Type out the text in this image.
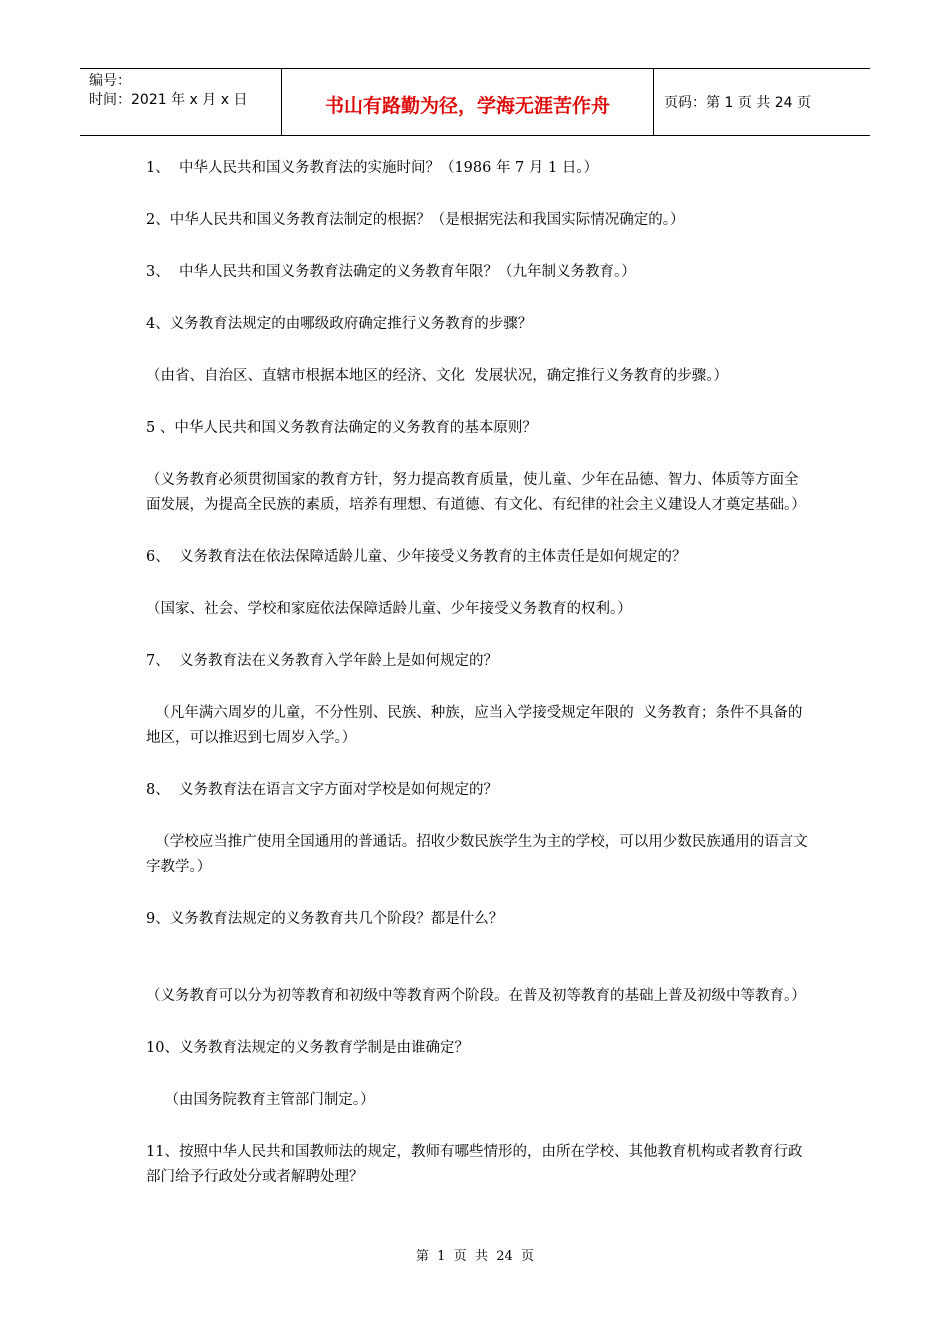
编号：
时间：2021 年 x 月 x 日	书山有路勤为径，学海无涯苦作舟	页码：第 1 页 共 24 页

1、  中华人民共和国义务教育法的实施时间？（1986 年 7 月 1 日。）

2、中华人民共和国义务教育法制定的根据？（是根据宪法和我国实际情况确定的。）

3、  中华人民共和国义务教育法确定的义务教育年限？（九年制义务教育。）

4、义务教育法规定的由哪级政府确定推行义务教育的步骤？

（由省、自治区、直辖市根据本地区的经济、文化  发展状况，确定推行义务教育的步骤。）

5 、中华人民共和国义务教育法确定的义务教育的基本原则？

（义务教育必须贯彻国家的教育方针，努力提高教育质量，使儿童、少年在品德、智力、体质等方面全面发展，为提高全民族的素质，培养有理想、有道德、有文化、有纪律的社会主义建设人才奠定基础。）

6、  义务教育法在依法保障适龄儿童、少年接受义务教育的主体责任是如何规定的？

（国家、社会、学校和家庭依法保障适龄儿童、少年接受义务教育的权利。）

7、  义务教育法在义务教育入学年龄上是如何规定的？

（凡年满六周岁的儿童，不分性别、民族、种族，应当入学接受规定年限的  义务教育；条件不具备的地区，可以推迟到七周岁入学。）

8、  义务教育法在语言文字方面对学校是如何规定的？

（学校应当推广使用全国通用的普通话。招收少数民族学生为主的学校，可以用少数民族通用的语言文字教学。）

9、义务教育法规定的义务教育共几个阶段？都是什么？

（义务教育可以分为初等教育和初级中等教育两个阶段。在普及初等教育的基础上普及初级中等教育。）

10、义务教育法规定的义务教育学制是由谁确定？

（由国务院教育主管部门制定。）

11、按照中华人民共和国教师法的规定，教师有哪些情形的，由所在学校、其他教育机构或者教育行政部门给予行政处分或者解聘处理？

第  1  页  共  24  页
